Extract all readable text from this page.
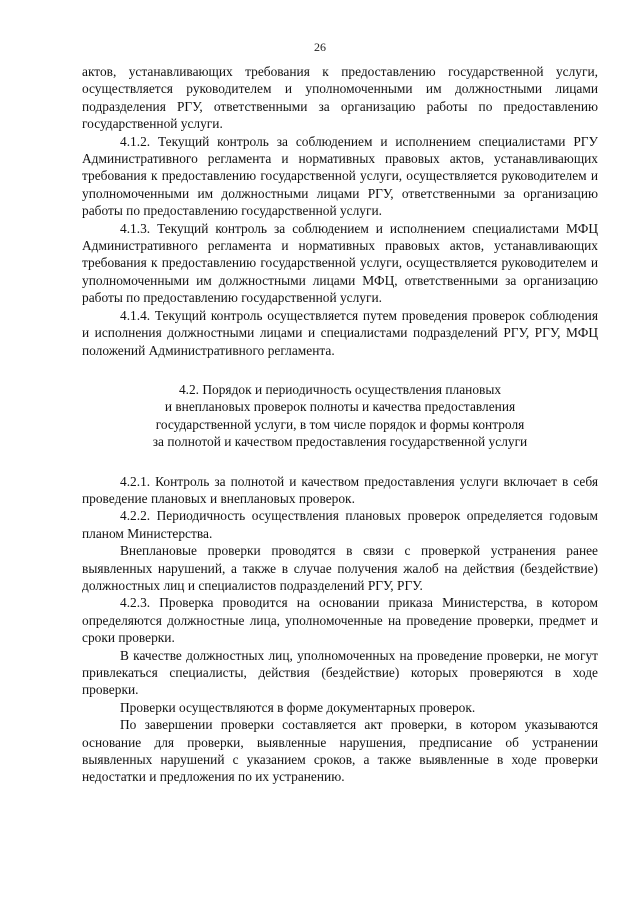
26

актов, устанавливающих требования к предоставлению государственной услуги, осуществляется руководителем и уполномоченными им должностными лицами подразделения РГУ, ответственными за организацию работы по предоставлению государственной услуги.

4.1.2. Текущий контроль за соблюдением и исполнением специалистами РГУ Административного регламента и нормативных правовых актов, устанавливающих требования к предоставлению государственной услуги, осуществляется руководителем и уполномоченными им должностными лицами РГУ, ответственными за организацию работы по предоставлению государственной услуги.

4.1.3. Текущий контроль за соблюдением и исполнением специалистами МФЦ Административного регламента и нормативных правовых актов, устанавливающих требования к предоставлению государственной услуги, осуществляется руководителем и уполномоченными им должностными лицами МФЦ, ответственными за организацию работы по предоставлению государственной услуги.

4.1.4. Текущий контроль осуществляется путем проведения проверок соблюдения и исполнения должностными лицами и специалистами подразделений РГУ, РГУ, МФЦ положений Административного регламента.

4.2. Порядок и периодичность осуществления плановых
и внеплановых проверок полноты и качества предоставления
государственной услуги, в том числе порядок и формы контроля
за полнотой и качеством предоставления государственной услуги

4.2.1. Контроль за полнотой и качеством предоставления услуги включает в себя проведение плановых и внеплановых проверок.

4.2.2. Периодичность осуществления плановых проверок определяется годовым планом Министерства.

Внеплановые проверки проводятся в связи с проверкой устранения ранее выявленных нарушений, а также в случае получения жалоб на действия (бездействие) должностных лиц и специалистов подразделений РГУ, РГУ.

4.2.3. Проверка проводится на основании приказа Министерства, в котором определяются должностные лица, уполномоченные на проведение проверки, предмет и сроки проверки.

В качестве должностных лиц, уполномоченных на проведение проверки, не могут привлекаться специалисты, действия (бездействие) которых проверяются в ходе проверки.

Проверки осуществляются в форме документарных проверок.

По завершении проверки составляется акт проверки, в котором указываются основание для проверки, выявленные нарушения, предписание об устранении выявленных нарушений с указанием сроков, а также выявленные в ходе проверки недостатки и предложения по их устранению.
